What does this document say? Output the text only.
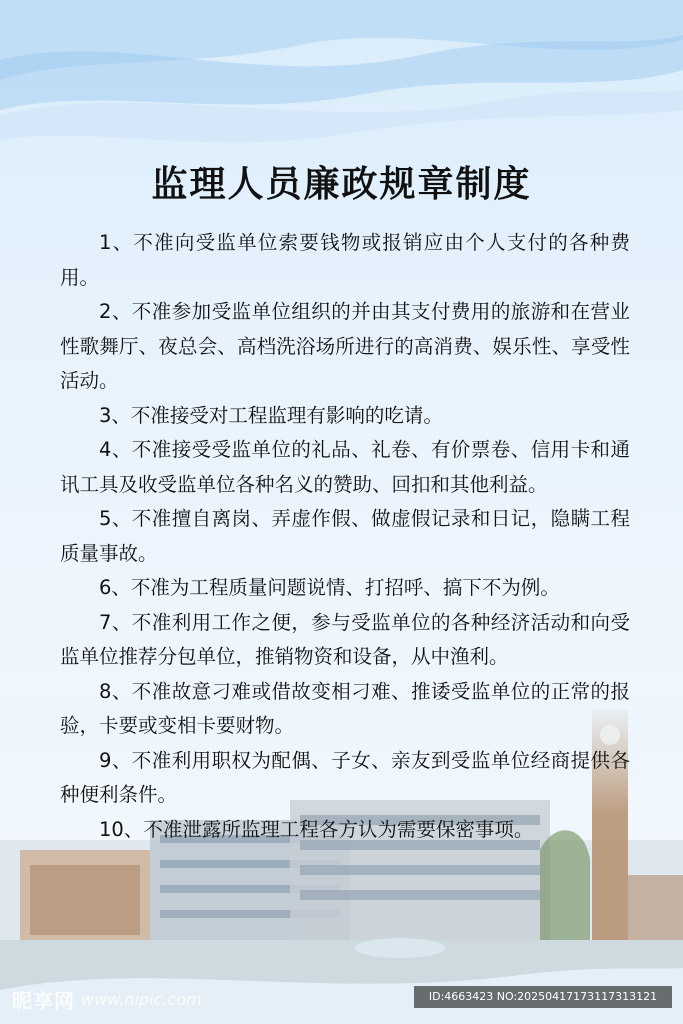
监理人员廉政规章制度

1、不准向受监单位索要钱物或报销应由个人支付的各种费用。

2、不准参加受监单位组织的并由其支付费用的旅游和在营业性歌舞厅、夜总会、高档洗浴场所进行的高消费、娱乐性、享受性活动。

3、不准接受对工程监理有影响的吃请。

4、不准接受受监单位的礼品、礼卷、有价票卷、信用卡和通讯工具及收受监单位各种名义的赞助、回扣和其他利益。

5、不准擅自离岗、弄虚作假、做虚假记录和日记，隐瞒工程质量事故。

6、不准为工程质量问题说情、打招呼、搞下不为例。

7、不准利用工作之便，参与受监单位的各种经济活动和向受监单位推荐分包单位，推销物资和设备，从中渔利。

8、不准故意刁难或借故变相刁难、推诿受监单位的正常的报验，卡要或变相卡要财物。

9、不准利用职权为配偶、子女、亲友到受监单位经商提供各种便利条件。

10、不准泄露所监理工程各方认为需要保密事项。

昵享网 www.nipic.com	ID:4663423 NO:20250417173117313121
